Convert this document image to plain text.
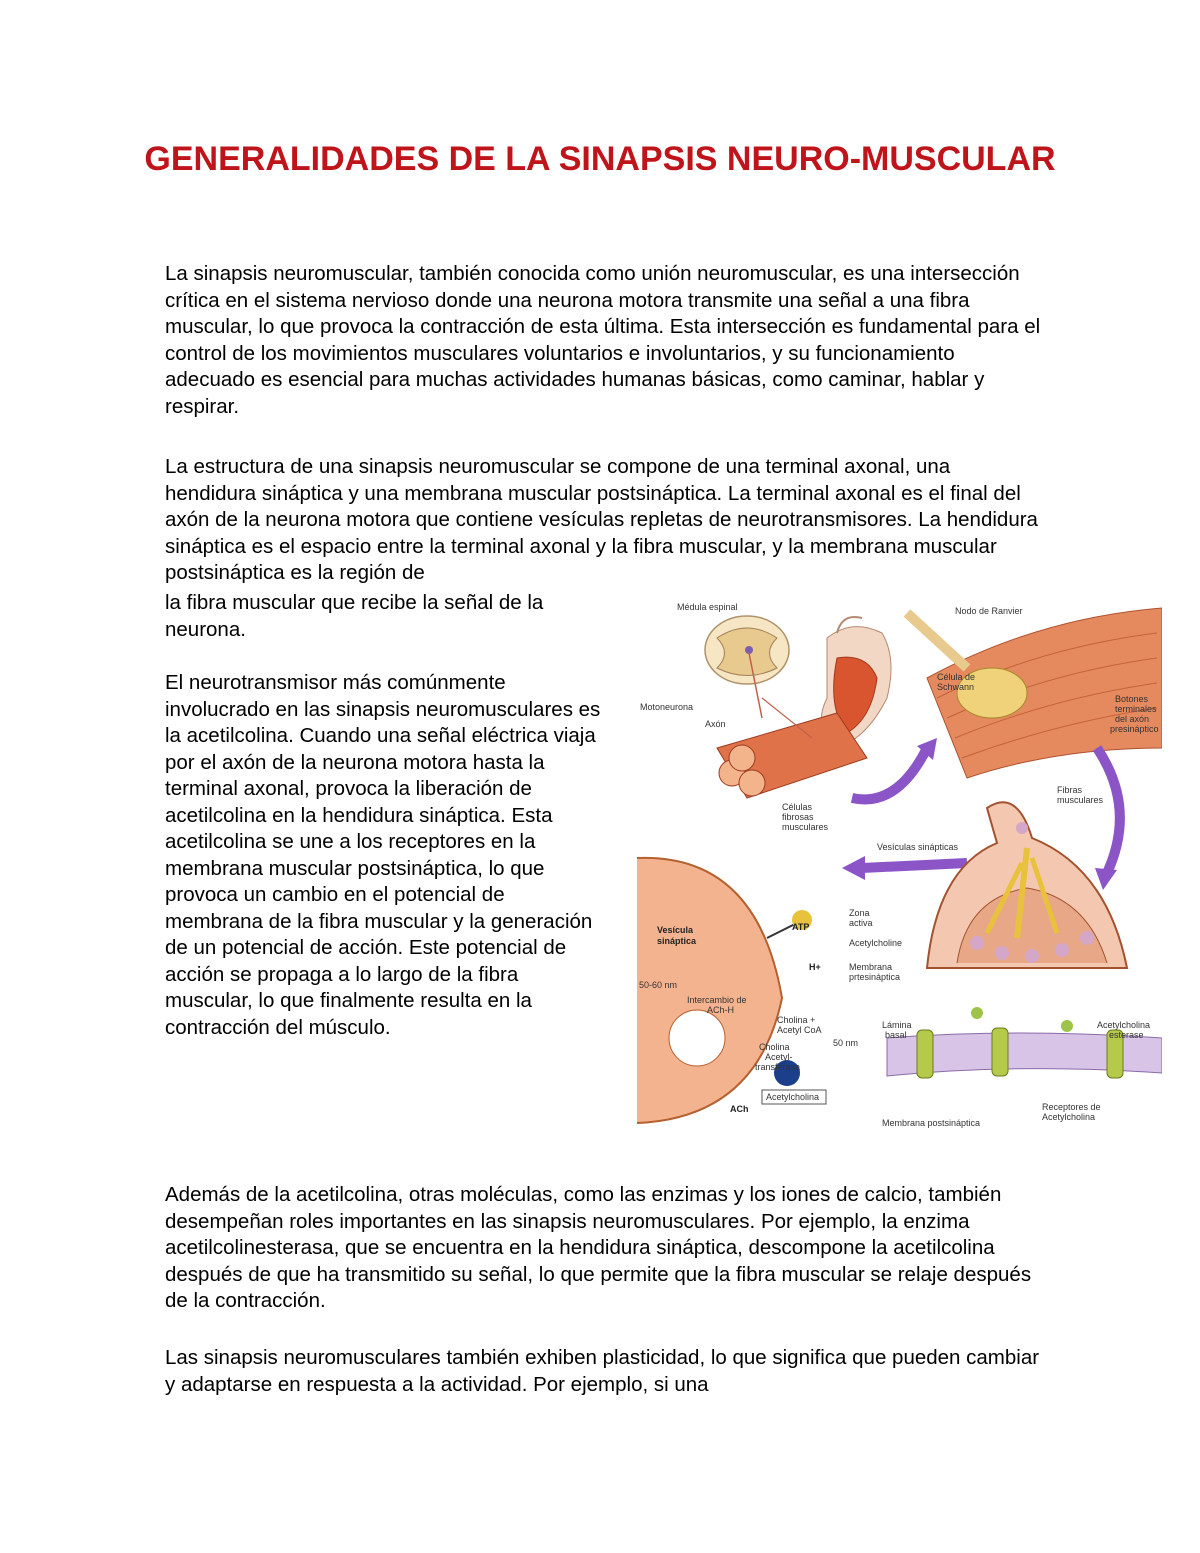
GENERALIDADES DE LA SINAPSIS NEURO-MUSCULAR

La sinapsis neuromuscular, también conocida como unión neuromuscular, es una intersección crítica en el sistema nervioso donde una neurona motora transmite una señal a una fibra muscular, lo que provoca la contracción de esta última. Esta intersección es fundamental para el control de los movimientos musculares voluntarios e involuntarios, y su funcionamiento adecuado es esencial para muchas actividades humanas básicas, como caminar, hablar y respirar.

La estructura de una sinapsis neuromuscular se compone de una terminal axonal, una hendidura sináptica y una membrana muscular postsináptica. La terminal axonal es el final del axón de la neurona motora que contiene vesículas repletas de neurotransmisores. La hendidura sináptica es el espacio entre la terminal axonal y la fibra muscular, y la membrana muscular postsináptica es la región de

la fibra muscular que recibe la señal de la neurona.

El neurotransmisor más comúnmente involucrado en las sinapsis neuromusculares es la acetilcolina. Cuando una señal eléctrica viaja por el axón de la neurona motora hasta la terminal axonal, provoca la liberación de acetilcolina en la hendidura sináptica. Esta acetilcolina se une a los receptores en la membrana muscular postsináptica, lo que provoca un cambio en el potencial de membrana de la fibra muscular y la generación de un potencial de acción. Este potencial de acción se propaga a lo largo de la fibra muscular, lo que finalmente resulta en la contracción del músculo.

Además de la acetilcolina, otras moléculas, como las enzimas y los iones de calcio, también desempeñan roles importantes en las sinapsis neuromusculares. Por ejemplo, la enzima acetilcolinesterasa, que se encuentra en la hendidura sináptica, descompone la acetilcolina después de que ha transmitido su señal, lo que permite que la fibra muscular se relaje después de la contracción.

Las sinapsis neuromusculares también exhiben plasticidad, lo que significa que pueden cambiar y adaptarse en respuesta a la actividad. Por ejemplo, si una

Médula espinal	Nodo de Ranvier
Célula de
Schwann
Botones
terminales
del axón
presináptico
Motoneurona
Axón
Fibras
musculares
Células
fibrosas
musculares
Vesículas sinápticas
Vesícula
sináptica
ATP
Zona
activa
Acetylcholine
H+
50-60 nm
Intercambio de
ACh-H
Cholina +
Acetyl CoA
Membrana
prtesináptica
Lámina
basal
50 nm
Acetylcholina
esterase
Cholina
Acetyl-
transferasa
Acetylcholina
ACh
Membrana postsináptica
Receptores de
Acetylcholina
